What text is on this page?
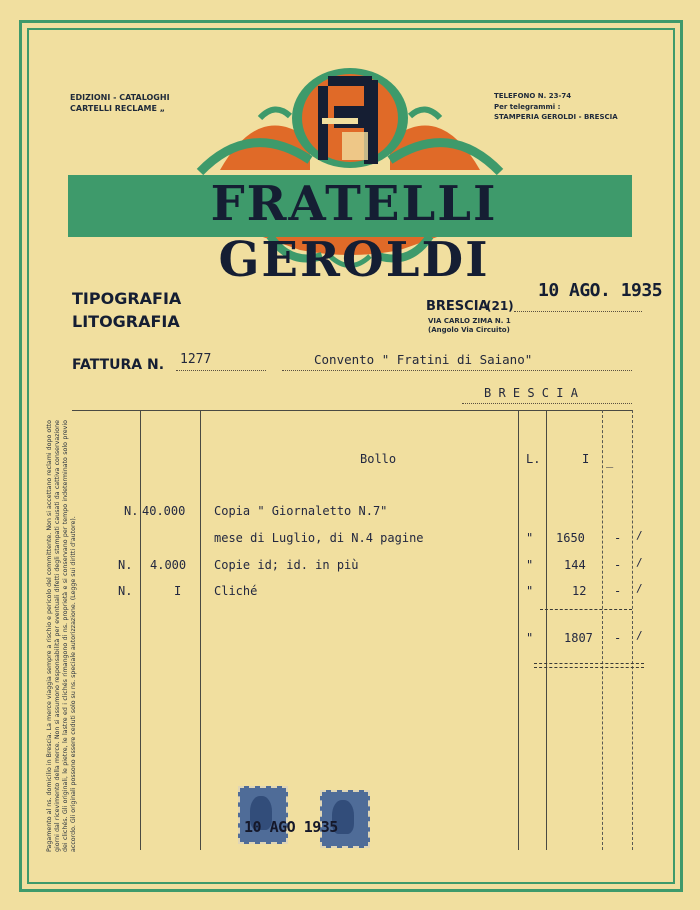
EDIZIONI - CATALOGHI
CARTELLI RECLAME „
TELEFONO N. 23-74
Per telegrammi :
STAMPERIA GEROLDI - BRESCIA
FRATELLI GEROLDI
TIPOGRAFIA
LITOGRAFIA
BRESCIA
(21)
10 AGO. 1935
VIA CARLO ZIMA N. 1
(Angolo Via Circuito)
FATTURA N. 1277	Convento " Fratini di Saiano"
B R E S C I A
Bollo	L.	I _
N. 40.000 Copia " Giornaletto N.7"
mese di Luglio, di N.4 pagine	" 1650 - /
N. 4.000 Copie id; id. in più	"	144 - /
N.	I	Cliché	"	12 - /
"	1807 - /
Pagamento al ns. domicilio in Brescia. La merce viaggia sempre a rischio e pericolo del committente. Non si accettano reclami dopo otto giorni dal ricevimento della merce. Non si assumono responsabilità per eventuali difetti degli stampati causati da cattiva conservazione dei clichés. Gli originali, le pietre, le lastre ed i clichés rimangono di ns. proprietà e si conservano per tempo indeterminato solo previo accordo. Gli originali possono essere ceduti solo su ns. speciale autorizzazione. (Legge sui diritti d'autore).	10 AGO 1935
